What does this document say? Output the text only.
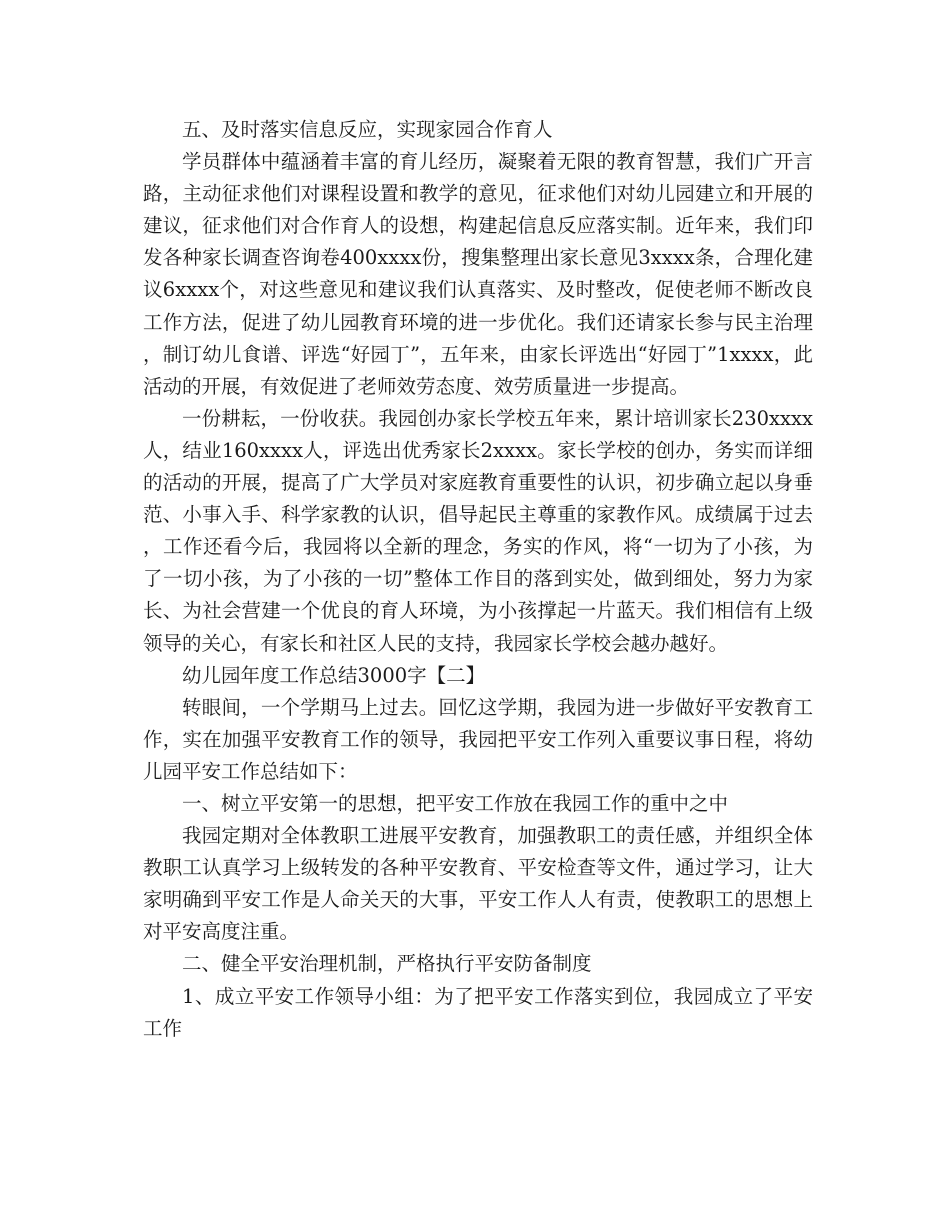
五、及时落实信息反应，实现家园合作育人

学员群体中蕴涵着丰富的育儿经历，凝聚着无限的教育智慧，我们广开言路，主动征求他们对课程设置和教学的意见，征求他们对幼儿园建立和开展的建议，征求他们对合作育人的设想，构建起信息反应落实制。近年来，我们印发各种家长调查咨询卷400xxxx份，搜集整理出家长意见3xxxx条，合理化建议6xxxx个，对这些意见和建议我们认真落实、及时整改，促使老师不断改良工作方法，促进了幼儿园教育环境的进一步优化。我们还请家长参与民主治理，制订幼儿食谱、评选“好园丁”，五年来，由家长评选出“好园丁”1xxxx，此活动的开展，有效促进了老师效劳态度、效劳质量进一步提高。

一份耕耘，一份收获。我园创办家长学校五年来，累计培训家长230xxxx人，结业160xxxx人，评选出优秀家长2xxxx。家长学校的创办，务实而详细的活动的开展，提高了广大学员对家庭教育重要性的认识，初步确立起以身垂范、小事入手、科学家教的认识，倡导起民主尊重的家教作风。成绩属于过去，工作还看今后，我园将以全新的理念，务实的作风，将“一切为了小孩，为了一切小孩，为了小孩的一切”整体工作目的落到实处，做到细处，努力为家长、为社会营建一个优良的育人环境，为小孩撑起一片蓝天。我们相信有上级领导的关心，有家长和社区人民的支持，我园家长学校会越办越好。

幼儿园年度工作总结3000字【二】

转眼间，一个学期马上过去。回忆这学期，我园为进一步做好平安教育工作，实在加强平安教育工作的领导，我园把平安工作列入重要议事日程，将幼儿园平安工作总结如下：

一、树立平安第一的思想，把平安工作放在我园工作的重中之中

我园定期对全体教职工进展平安教育，加强教职工的责任感，并组织全体教职工认真学习上级转发的各种平安教育、平安检查等文件，通过学习，让大家明确到平安工作是人命关天的大事，平安工作人人有责，使教职工的思想上对平安高度注重。

二、健全平安治理机制，严格执行平安防备制度

1、成立平安工作领导小组：为了把平安工作落实到位，我园成立了平安工作
